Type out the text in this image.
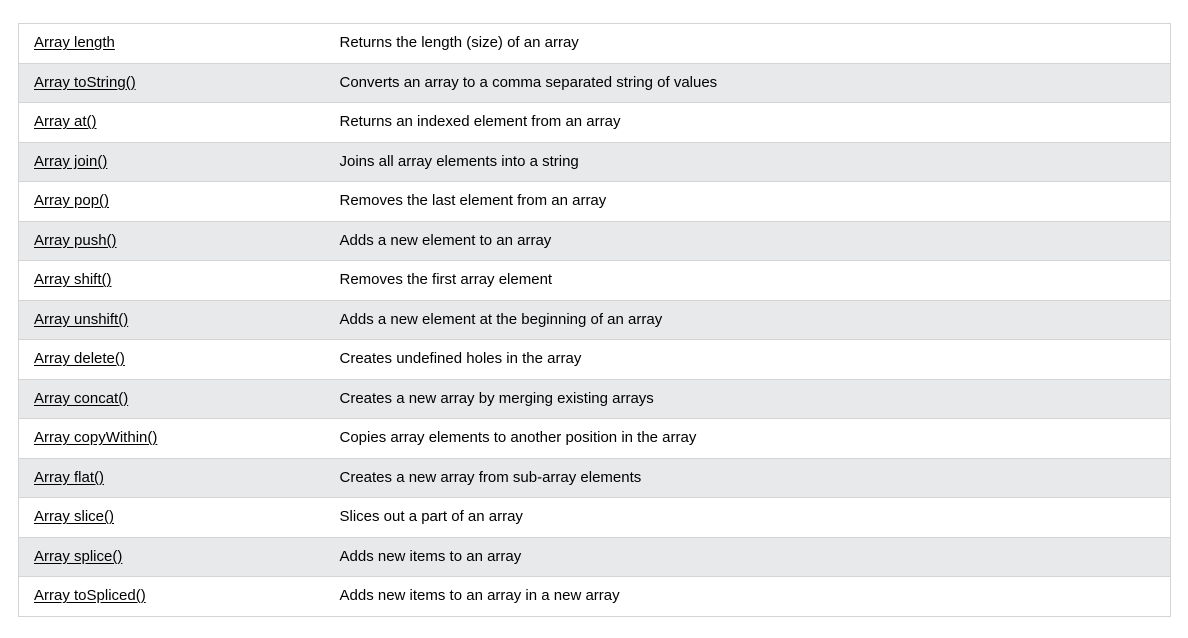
Array length	Returns the length (size) of an array
Array toString()	Converts an array to a comma separated string of values
Array at()	Returns an indexed element from an array
Array join()	Joins all array elements into a string
Array pop()	Removes the last element from an array
Array push()	Adds a new element to an array
Array shift()	Removes the first array element
Array unshift()	Adds a new element at the beginning of an array
Array delete()	Creates undefined holes in the array
Array concat()	Creates a new array by merging existing arrays
Array copyWithin()	Copies array elements to another position in the array
Array flat()	Creates a new array from sub-array elements
Array slice()	Slices out a part of an array
Array splice()	Adds new items to an array
Array toSpliced()	Adds new items to an array in a new array
